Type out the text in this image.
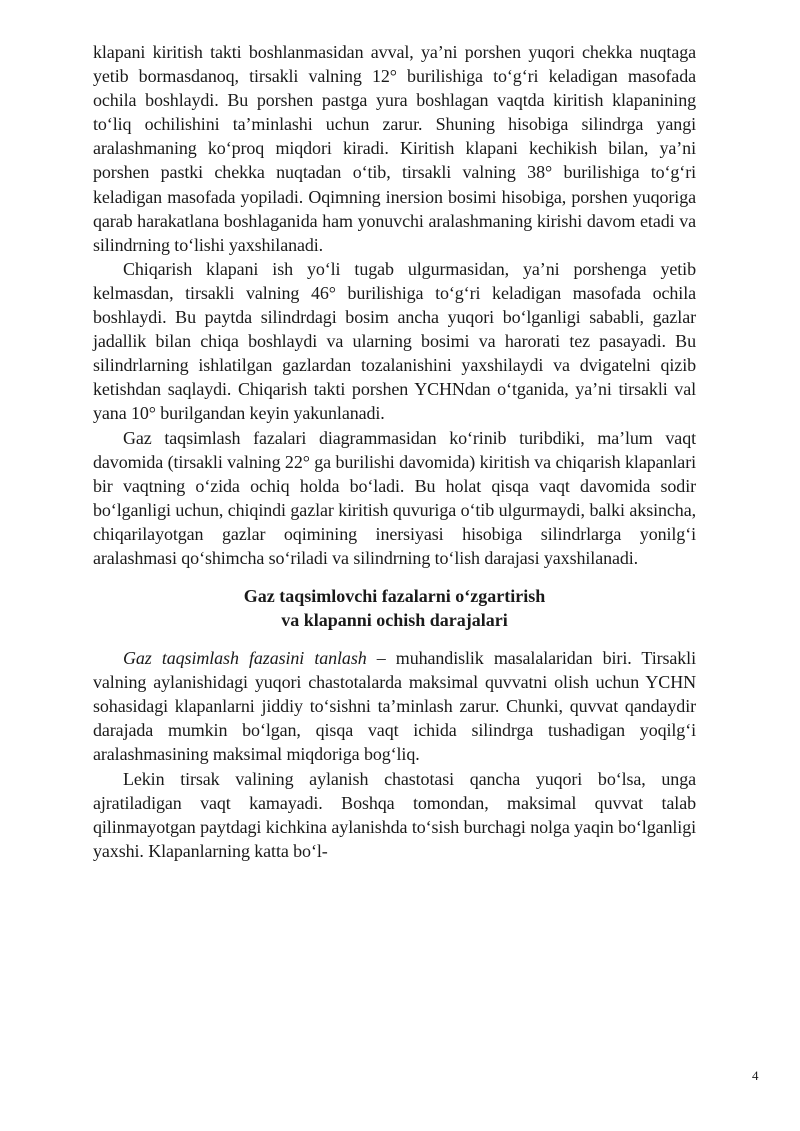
klapani kiritish takti boshlanmasidan avval, ya’ni porshen yuqori chekka nuqtaga yetib bormasdanoq, tirsakli valning 12° burilishiga to‘g‘ri keladigan masofada ochila boshlaydi. Bu porshen pastga yura boshlagan vaqtda kiritish klapanining to‘liq ochilishini ta’minlashi uchun zarur. Shuning hisobiga silindrga yangi aralashmaning ko‘proq miqdori kiradi. Kiritish klapani kechikish bilan, ya’ni porshen pastki chekka nuqtadan o‘tib, tirsakli valning 38° burilishiga to‘g‘ri keladigan masofada yopiladi. Oqimning inersion bosimi hisobiga, porshen yuqoriga qarab harakatlana boshlaganida ham yonuvchi aralashmaning kirishi davom etadi va silindrning to‘lishi yaxshilanadi.

Chiqarish klapani ish yo‘li tugab ulgurmasidan, ya’ni porshenga yetib kelmasdan, tirsakli valning 46° burilishiga to‘g‘ri keladigan masofada ochila boshlaydi. Bu paytda silindrdagi bosim ancha yuqori bo‘lganligi sababli, gazlar jadallik bilan chiqa boshlaydi va ularning bosimi va harorati tez pasayadi. Bu silindrlarning ishlatilgan gazlardan tozalanishini yaxshilaydi va dvigatelni qizib ketishdan saqlaydi. Chiqarish takti porshen YCHNdan o‘tganida, ya’ni tirsakli val yana 10° burilgandan keyin yakunlanadi.

Gaz taqsimlash fazalari diagrammasidan ko‘rinib turibdiki, ma’lum vaqt davomida (tirsakli valning 22° ga burilishi davomida) kiritish va chiqarish klapanlari bir vaqtning o‘zida ochiq holda bo‘ladi. Bu holat qisqa vaqt davomida sodir bo‘lganligi uchun, chiqindi gazlar kiritish quvuriga o‘tib ulgurmaydi, balki aksincha, chiqarilayotgan gazlar oqimining inersiyasi hisobiga silindrlarga yonilg‘i aralashmasi qo‘shimcha so‘riladi va silindrning to‘lish darajasi yaxshilanadi.

Gaz taqsimlovchi fazalarni o‘zgartirish
va klapanni ochish darajalari

Gaz taqsimlash fazasini tanlash – muhandislik masalalaridan biri. Tirsakli valning aylanishidagi yuqori chastotalarda maksimal quvvatni olish uchun YCHN sohasidagi klapanlarni jiddiy to‘sishni ta’minlash zarur. Chunki, quvvat qandaydir darajada mumkin bo‘lgan, qisqa vaqt ichida silindrga tushadigan yoqilg‘i aralashmasining maksimal miqdoriga bog‘liq.

Lekin tirsak valining aylanish chastotasi qancha yuqori bo‘lsa, unga ajratiladigan vaqt kamayadi. Boshqa tomondan, maksimal quvvat talab qilinmayotgan paytdagi kichkina aylanishda to‘sish burchagi nolga yaqin bo‘lganligi yaxshi. Klapanlarning katta bo‘l-

4
